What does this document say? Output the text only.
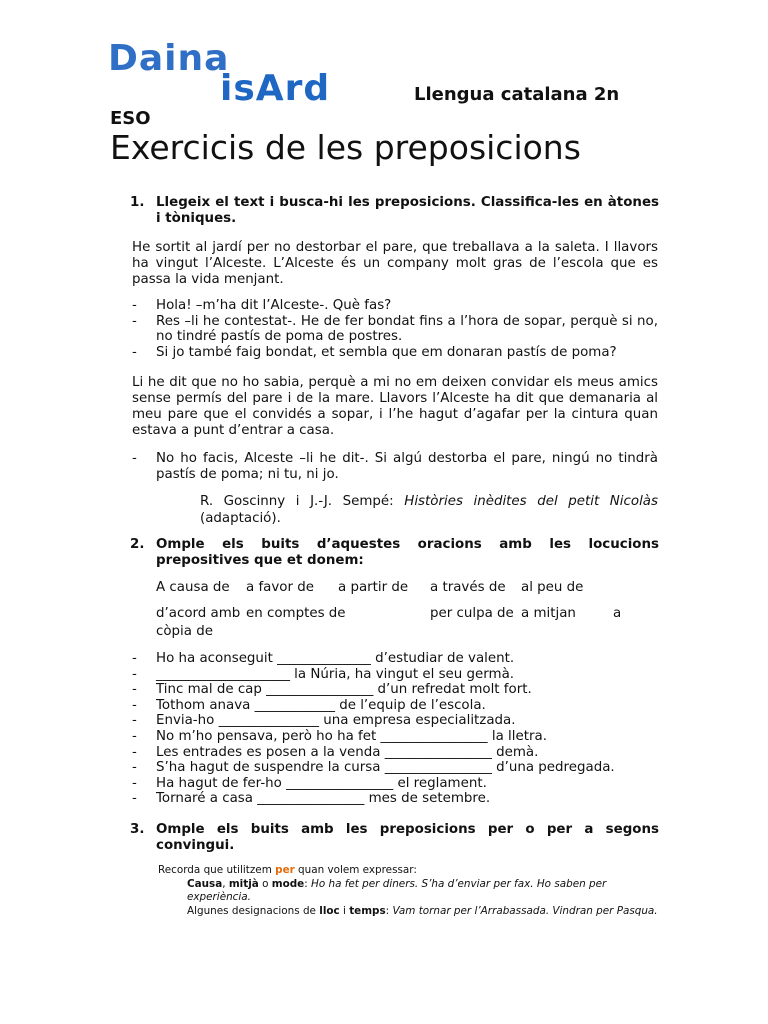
Daina
isArd	Llengua catalana 2n
ESO
Exercicis de les preposicions
1. Llegeix el text i busca-hi les preposicions. Classifica-les en àtones i tòniques.
He sortit al jardí per no destorbar el pare, que treballava a la saleta. I llavors ha vingut l’Alceste. L’Alceste és un company molt gras de l’escola que es passa la vida menjant.
- Hola! –m’ha dit l’Alceste-. Què fas?
- Res –li he contestat-. He de fer bondat fins a l’hora de sopar, perquè si no, no tindré pastís de poma de postres.
- Si jo també faig bondat, et sembla que em donaran pastís de poma?
Li he dit que no ho sabia, perquè a mi no em deixen convidar els meus amics sense permís del pare i de la mare. Llavors l’Alceste ha dit que demanaria al meu pare que el convidés a sopar, i l’he hagut d’agafar per la cintura quan estava a punt d’entrar a casa.
- No ho facis, Alceste –li he dit-. Si algú destorba el pare, ningú no tindrà pastís de poma; ni tu, ni jo.
R. Goscinny i J.-J. Sempé: Històries inèdites del petit Nicolàs (adaptació).
2. Omple els buits d’aquestes oracions amb les locucions prepositives que et donem:
A causa de a favor de a partir de a través de al peu de
d’acord amb en comptes de	per culpa de a mitjan	a
còpia de
- Ho ha aconseguit ______________ d’estudiar de valent.
- ____________________ la Núria, ha vingut el seu germà.
- Tinc mal de cap ________________ d’un refredat molt fort.
- Tothom anava ____________ de l’equip de l’escola.
- Envia-ho _______________ una empresa especialitzada.
- No m’ho pensava, però ho ha fet ________________ la lletra.
- Les entrades es posen a la venda ________________ demà.
- S’ha hagut de suspendre la cursa ________________ d’una pedregada.
- Ha hagut de fer-ho ________________ el reglament.
- Tornaré a casa ________________ mes de setembre.
3. Omple els buits amb les preposicions per o per a segons convingui.
Recorda que utilitzem per quan volem expressar:
Causa, mitjà o mode: Ho ha fet per diners. S’ha d’enviar per fax. Ho saben per experiència.
Algunes designacions de lloc i temps: Vam tornar per l’Arrabassada. Vindran per Pasqua.
